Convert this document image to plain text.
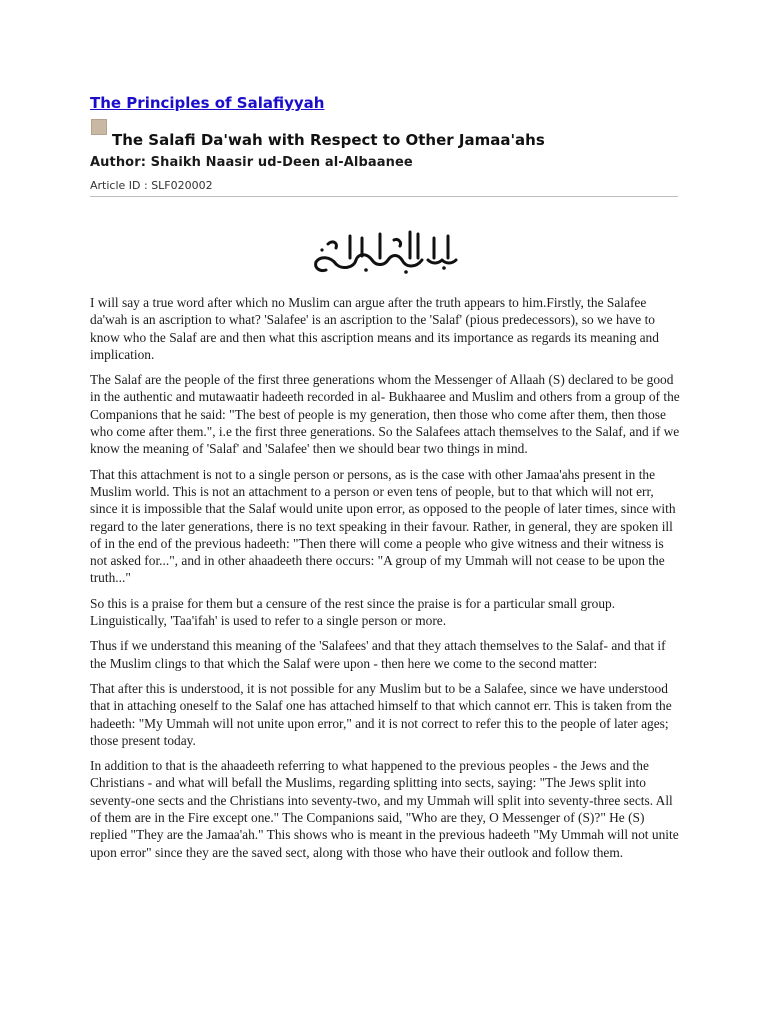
The Principles of Salafiyyah
The Salafi Da'wah with Respect to Other Jamaa'ahs
Author: Shaikh Naasir ud-Deen al-Albaanee
Article ID : SLF020002

I will say a true word after which no Muslim can argue after the truth appears to him.Firstly, the Salafee da'wah is an ascription to what? 'Salafee' is an ascription to the 'Salaf' (pious predecessors), so we have to know who the Salaf are and then what this ascription means and its importance as regards its meaning and implication.

The Salaf are the people of the first three generations whom the Messenger of Allaah (S) declared to be good in the authentic and mutawaatir hadeeth recorded in al- Bukhaaree and Muslim and others from a group of the Companions that he said: "The best of people is my generation, then those who come after them, then those who come after them.", i.e the first three generations. So the Salafees attach themselves to the Salaf, and if we know the meaning of 'Salaf' and 'Salafee' then we should bear two things in mind.

That this attachment is not to a single person or persons, as is the case with other Jamaa'ahs present in the Muslim world. This is not an attachment to a person or even tens of people, but to that which will not err, since it is impossible that the Salaf would unite upon error, as opposed to the people of later times, since with regard to the later generations, there is no text speaking in their favour. Rather, in general, they are spoken ill of in the end of the previous hadeeth: "Then there will come a people who give witness and their witness is not asked for...", and in other ahaadeeth there occurs: "A group of my Ummah will not cease to be upon the truth..."

So this is a praise for them but a censure of the rest since the praise is for a particular small group. Linguistically, 'Taa'ifah' is used to refer to a single person or more.

Thus if we understand this meaning of the 'Salafees' and that they attach themselves to the Salaf- and that if the Muslim clings to that which the Salaf were upon - then here we come to the second matter:

That after this is understood, it is not possible for any Muslim but to be a Salafee, since we have understood that in attaching oneself to the Salaf one has attached himself to that which cannot err. This is taken from the hadeeth: "My Ummah will not unite upon error," and it is not correct to refer this to the people of later ages; those present today.

In addition to that is the ahaadeeth referring to what happened to the previous peoples - the Jews and the Christians - and what will befall the Muslims, regarding splitting into sects, saying: "The Jews split into seventy-one sects and the Christians into seventy-two, and my Ummah will split into seventy-three sects. All of them are in the Fire except one." The Companions said, "Who are they, O Messenger of (S)?" He (S) replied "They are the Jamaa'ah." This shows who is meant in the previous hadeeth "My Ummah will not unite upon error" since they are the saved sect, along with those who have their outlook and follow them.
